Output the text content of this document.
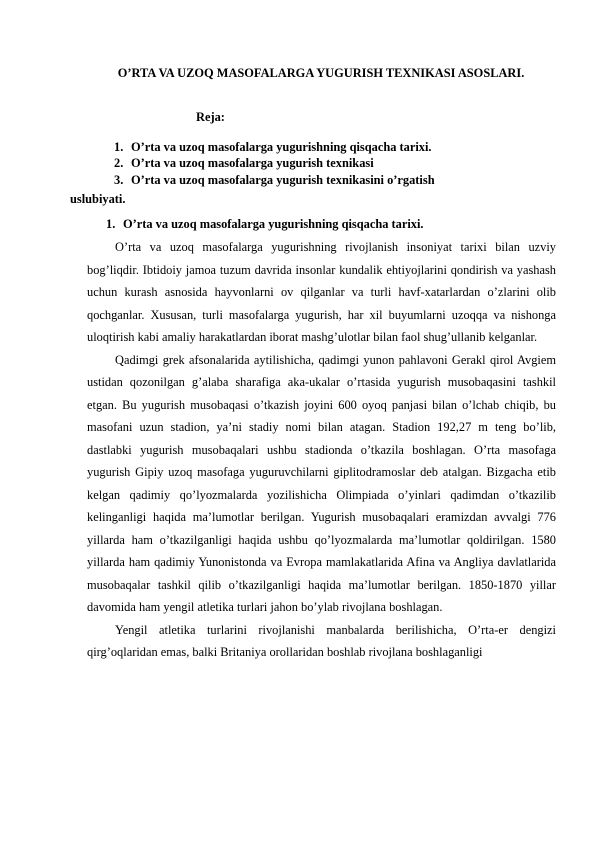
O’RTA VA UZOQ MASOFALARGA YUGURISH TEXNIKASI ASOSLARI.

Reja:

1. O’rta va uzoq masofalarga yugurishning qisqacha tarixi.
2. O’rta va uzoq masofalarga yugurish texnikasi
3. O’rta va uzoq masofalarga yugurish texnikasini o’rgatish

uslubiyati.

1. O’rta va uzoq masofalarga yugurishning qisqacha tarixi.

O’rta va uzoq masofalarga yugurishning rivojlanish insoniyat tarixi bilan uzviy bog’liqdir. Ibtidoiy jamoa tuzum davrida insonlar kundalik ehtiyojlarini qondirish va yashash uchun kurash asnosida hayvonlarni ov qilganlar va turli havf-xatarlardan o’zlarini olib qochganlar. Xususan, turli masofalarga yugurish, har xil buyumlarni uzoqqa va nishonga uloqtirish kabi amaliy harakatlardan iborat mashg’ulotlar bilan faol shug’ullanib kelganlar.

Qadimgi grek afsonalarida aytilishicha, qadimgi yunon pahlavoni Gerakl qirol Avgiem ustidan qozonilgan g’alaba sharafiga aka-ukalar o’rtasida yugurish musobaqasini tashkil etgan. Bu yugurish musobaqasi o’tkazish joyini 600 oyoq panjasi bilan o’lchab chiqib, bu masofani uzun stadion, ya’ni stadiy nomi bilan atagan. Stadion 192,27 m teng bo’lib, dastlabki yugurish musobaqalari ushbu stadionda o’tkazila boshlagan. O’rta masofaga yugurish Gipiy uzoq masofaga yuguruvchilarni giplitodramoslar deb atalgan. Bizgacha etib kelgan qadimiy qo’lyozmalarda yozilishicha Olimpiada o’yinlari qadimdan o’tkazilib kelinganligi haqida ma’lumotlar berilgan. Yugurish musobaqalari eramizdan avvalgi 776 yillarda ham o’tkazilganligi haqida ushbu qo’lyozmalarda ma’lumotlar qoldirilgan. 1580 yillarda ham qadimiy Yunonistonda va Evropa mamlakatlarida Afina va Angliya davlatlarida musobaqalar tashkil qilib o’tkazilganligi haqida ma’lumotlar berilgan. 1850-1870 yillar davomida ham yengil atletika turlari jahon bo’ylab rivojlana boshlagan.

Yengil atletika turlarini rivojlanishi manbalarda berilishicha, O’rta-er dengizi qirg’oqlaridan emas, balki Britaniya orollaridan boshlab rivojlana boshlaganligi
